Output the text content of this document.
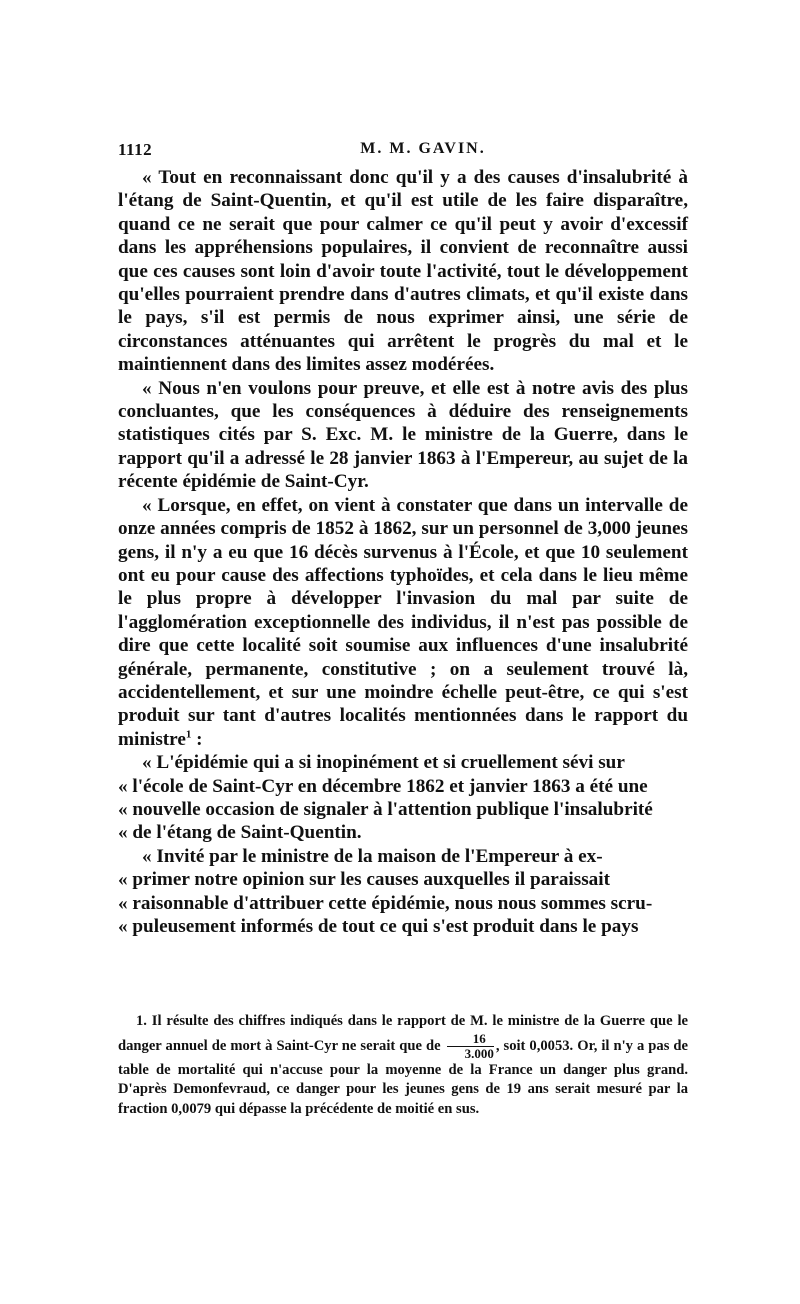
1112	M. M. GAVIN.

« Tout en reconnaissant donc qu'il y a des causes d'insalubrité à l'étang de Saint-Quentin, et qu'il est utile de les faire disparaître, quand ce ne serait que pour calmer ce qu'il peut y avoir d'excessif dans les appréhensions populaires, il convient de reconnaître aussi que ces causes sont loin d'avoir toute l'activité, tout le développement qu'elles pourraient prendre dans d'autres climats, et qu'il existe dans le pays, s'il est permis de nous exprimer ainsi, une série de circonstances atténuantes qui arrêtent le progrès du mal et le maintiennent dans des limites assez modérées.

« Nous n'en voulons pour preuve, et elle est à notre avis des plus concluantes, que les conséquences à déduire des renseignements statistiques cités par S. Exc. M. le ministre de la Guerre, dans le rapport qu'il a adressé le 28 janvier 1863 à l'Empereur, au sujet de la récente épidémie de Saint-Cyr.

« Lorsque, en effet, on vient à constater que dans un intervalle de onze années compris de 1852 à 1862, sur un personnel de 3,000 jeunes gens, il n'y a eu que 16 décès survenus à l'École, et que 10 seulement ont eu pour cause des affections typhoïdes, et cela dans le lieu même le plus propre à développer l'invasion du mal par suite de l'agglomération exceptionnelle des individus, il n'est pas possible de dire que cette localité soit soumise aux influences d'une insalubrité générale, permanente, constitutive ; on a seulement trouvé là, accidentellement, et sur une moindre échelle peut-être, ce qui s'est produit sur tant d'autres localités mentionnées dans le rapport du ministre$^1$ :

« L'épidémie qui a si inopinément et si cruellement sévi sur

« l'école de Saint-Cyr en décembre 1862 et janvier 1863 a été une

« nouvelle occasion de signaler à l'attention publique l'insalubrité

« de l'étang de Saint-Quentin.

« Invité par le ministre de la maison de l'Empereur à ex-

« primer notre opinion sur les causes auxquelles il paraissait

« raisonnable d'attribuer cette épidémie, nous nous sommes scru-

« puleusement informés de tout ce qui s'est produit dans le pays

1. Il résulte des chiffres indiqués dans le rapport de M. le ministre de la Guerre que le danger annuel de mort à Saint-Cyr ne serait que de $\frac{16}{3.000}$ , soit 0,0053. Or, il n'y a pas de table de mortalité qui n'accuse pour la moyenne de la France un danger plus grand. D'après Demonfevraud, ce danger pour les jeunes gens de 19 ans serait mesuré par la fraction 0,0079 qui dépasse la précédente de moitié en sus.
